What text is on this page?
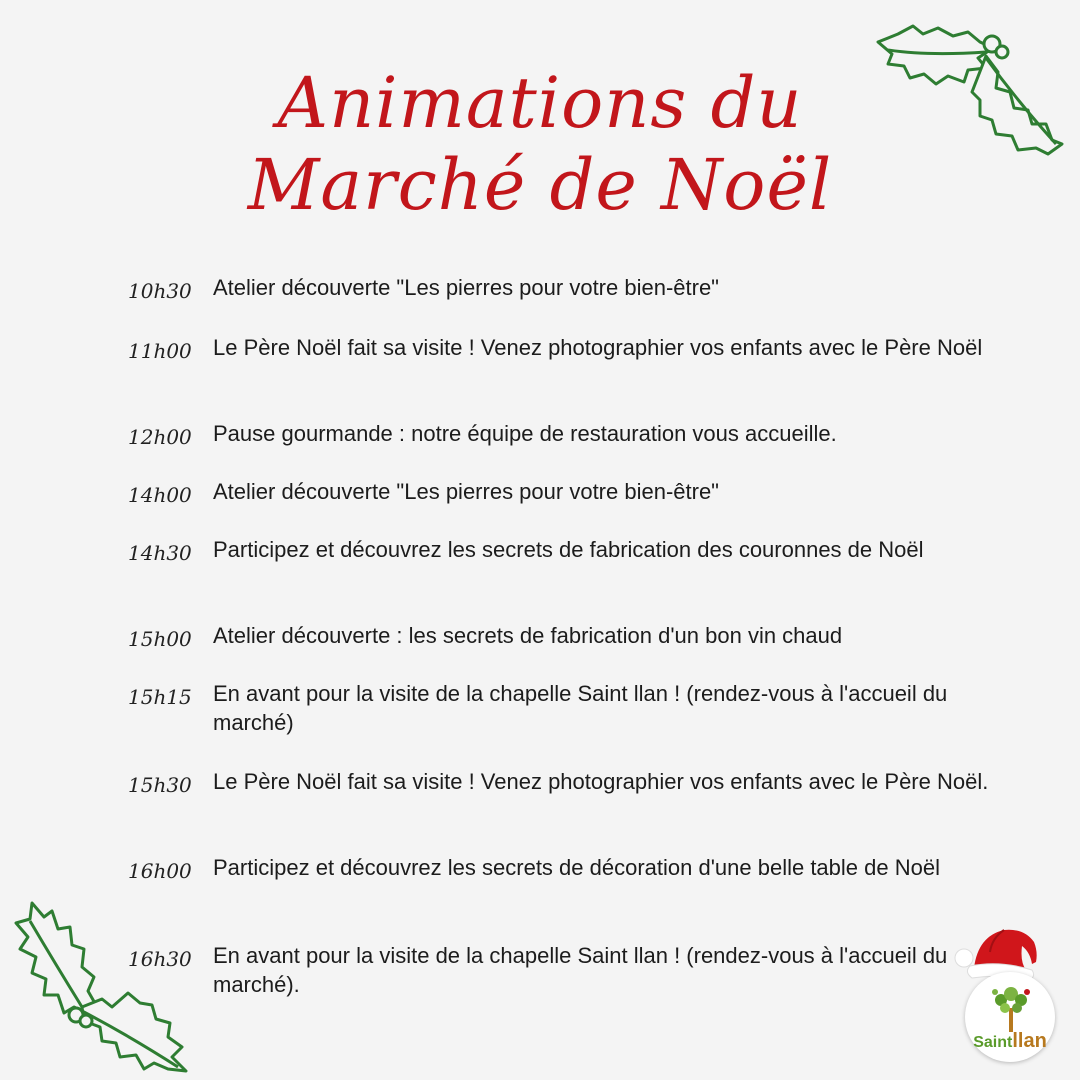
Animations du
Marché de Noël
10h30 Atelier découverte "Les pierres pour votre bien-être"
11h00 Le Père Noël fait sa visite ! Venez photographier vos enfants avec le Père Noël
12h00 Pause gourmande : notre équipe de restauration vous accueille.
14h00 Atelier découverte "Les pierres pour votre bien-être"
14h30 Participez et découvrez les secrets de fabrication des couronnes de Noël
15h00 Atelier découverte : les secrets de fabrication d'un bon vin chaud
15h15 En avant pour la visite de la chapelle Saint llan ! (rendez-vous à l'accueil du marché)
15h30 Le Père Noël fait sa visite ! Venez photographier vos enfants avec le Père Noël.
16h00 Participez et découvrez les secrets de décoration d'une belle table de Noël
16h30 En avant pour la visite de la chapelle Saint llan ! (rendez-vous à l'accueil du marché).
Saintllan
